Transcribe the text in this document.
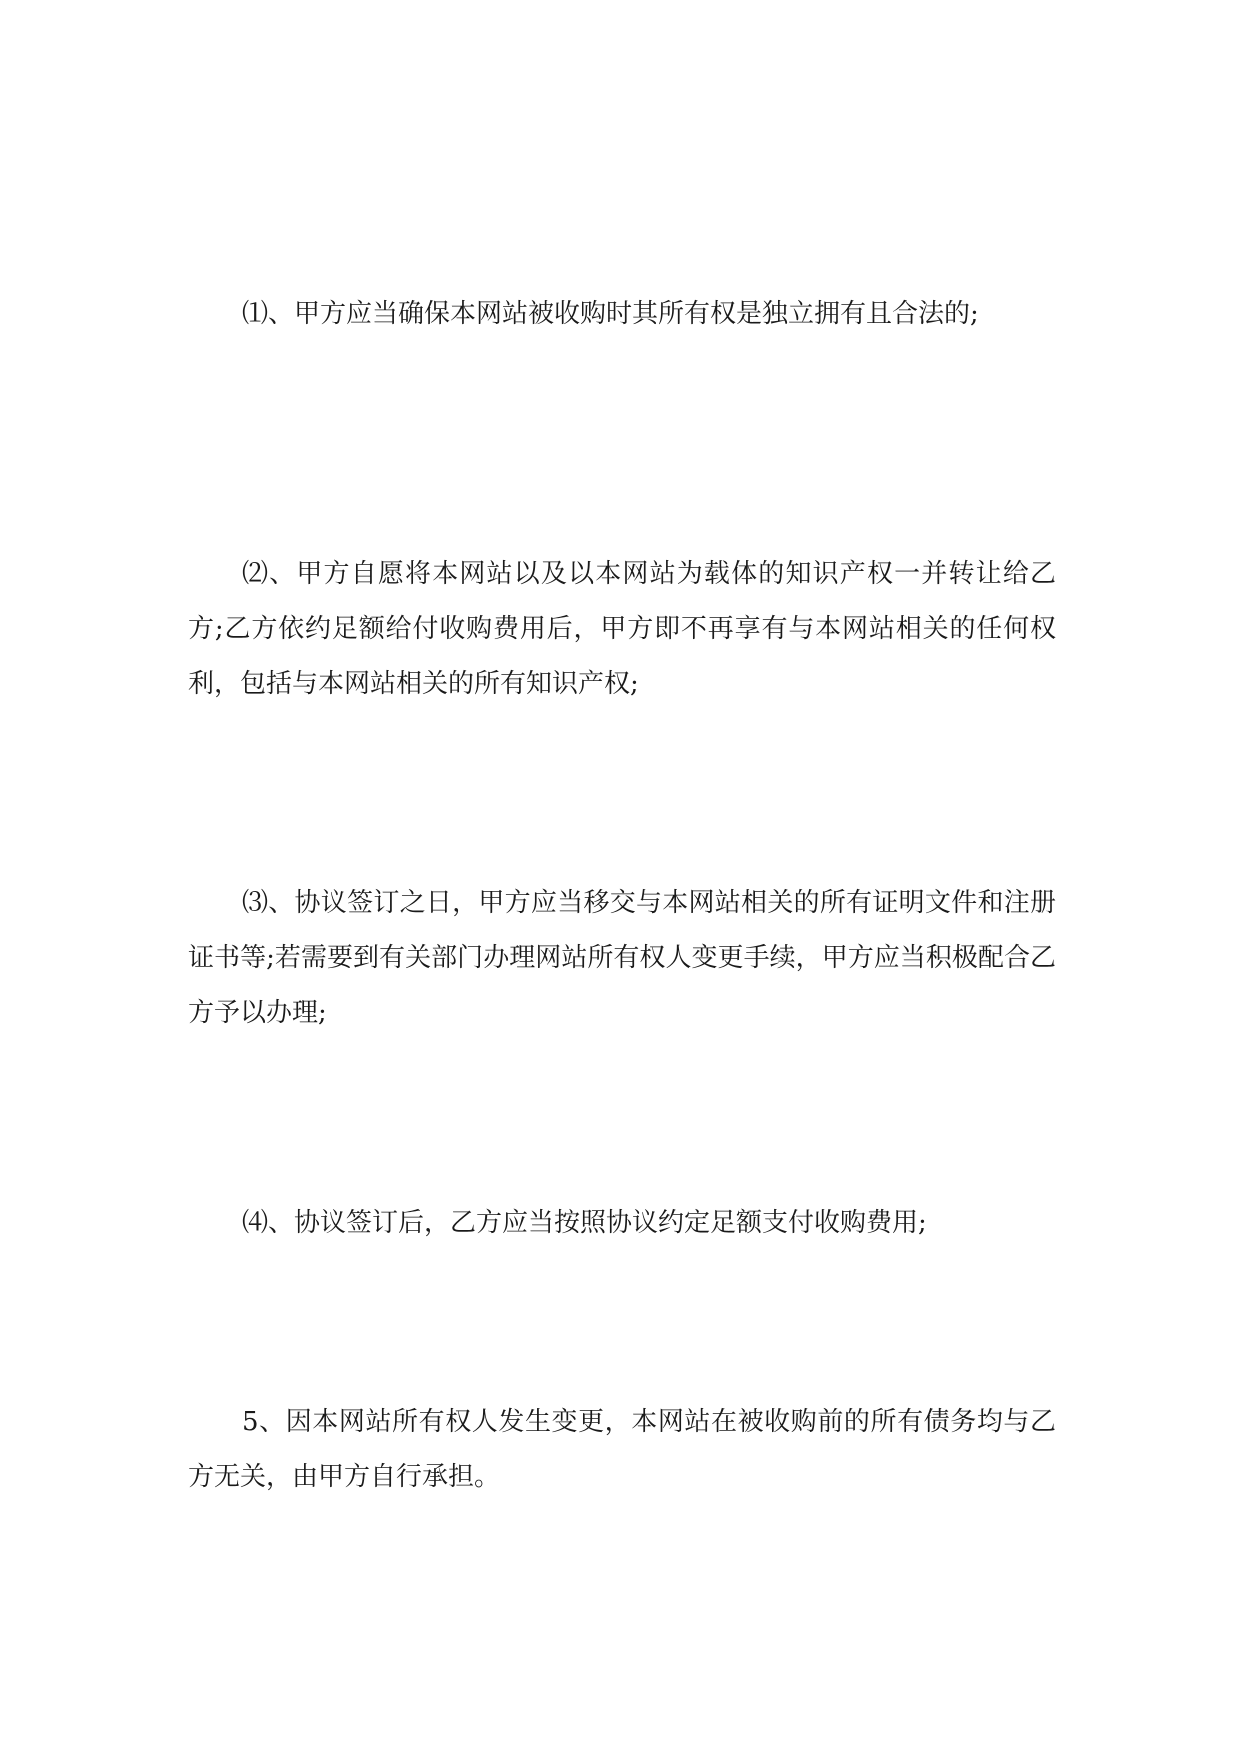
⑴、甲方应当确保本网站被收购时其所有权是独立拥有且合法的;

⑵、甲方自愿将本网站以及以本网站为载体的知识产权一并转让给乙方;乙方依约足额给付收购费用后，甲方即不再享有与本网站相关的任何权利，包括与本网站相关的所有知识产权;

⑶、协议签订之日，甲方应当移交与本网站相关的所有证明文件和注册证书等;若需要到有关部门办理网站所有权人变更手续，甲方应当积极配合乙方予以办理;

⑷、协议签订后，乙方应当按照协议约定足额支付收购费用;

5、因本网站所有权人发生变更，本网站在被收购前的所有债务均与乙方无关，由甲方自行承担。
